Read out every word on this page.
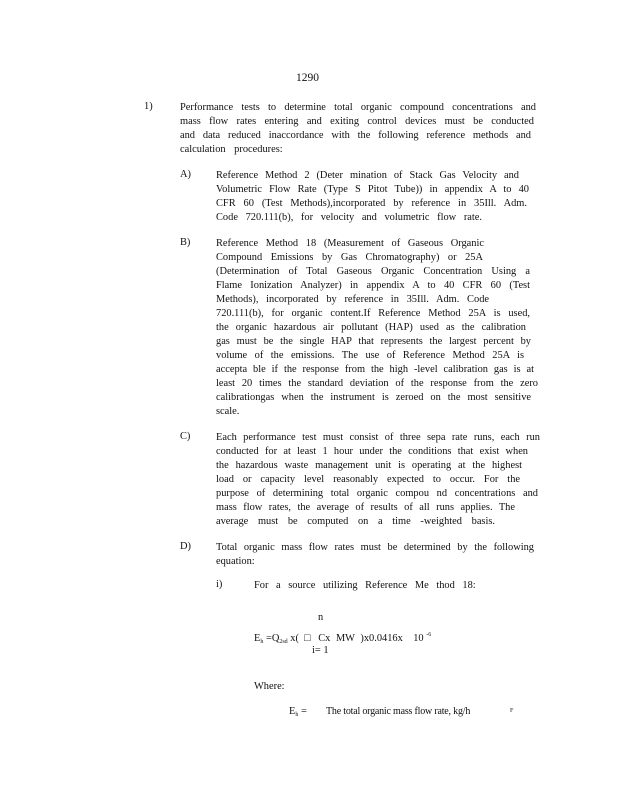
1290
1)	Performance tests to determine total organic compound concentrations and
mass flow rates entering and exiting control devices must be conducted
and data reduced inaccordance with the following reference methods and
calculation procedures:
A) Reference Method 2 (Deter mination of Stack Gas Velocity and
Volumetric Flow Rate (Type S Pitot Tube)) in appendix A to 40
CFR 60 (Test Methods),incorporated by reference in 35Ill. Adm.
Code 720.111(b), for velocity and volumetric flow rate.
B) Reference Method 18 (Measurement of Gaseous Organic
Compound Emissions by Gas Chromatography) or 25A
(Determination of Total Gaseous Organic Concentration Using a
Flame Ionization Analyzer) in appendix A to 40 CFR 60 (Test
Methods), incorporated by reference in 35Ill. Adm. Code
720.111(b), for organic content.If Reference Method 25A is used,
the organic hazardous air pollutant (HAP) used as the calibration
gas must be the single HAP that represents the largest percent by
volume of the emissions. The use of Reference Method 25A is
accepta ble if the response from the high -level calibration gas is at
least 20 times the standard deviation of the response from the zero
calibrationgas when the instrument is zeroed on the most sensitive
scale.
C) Each performance test must consist of three sepa rate runs, each run
conducted for at least 1 hour under the conditions that exist when
the hazardous waste management unit is operating at the highest
load or capacity level reasonably expected to occur. For the
purpose of determining total organic compou nd concentrations and
mass flow rates, the average of results of all runs applies. The
average must be computed on a time -weighted basis.
D) Total organic mass flow rates must be determined by the following
equation:
i)	For a source utilizing Reference Me thod 18:
n
$E_h =Q_{2sd}$ x( □ Cx MW )x0.0416x 10 $^{-6}$
i= 1
Where:
$E_h$ = The total organic mass flow rate, kg/h	F
